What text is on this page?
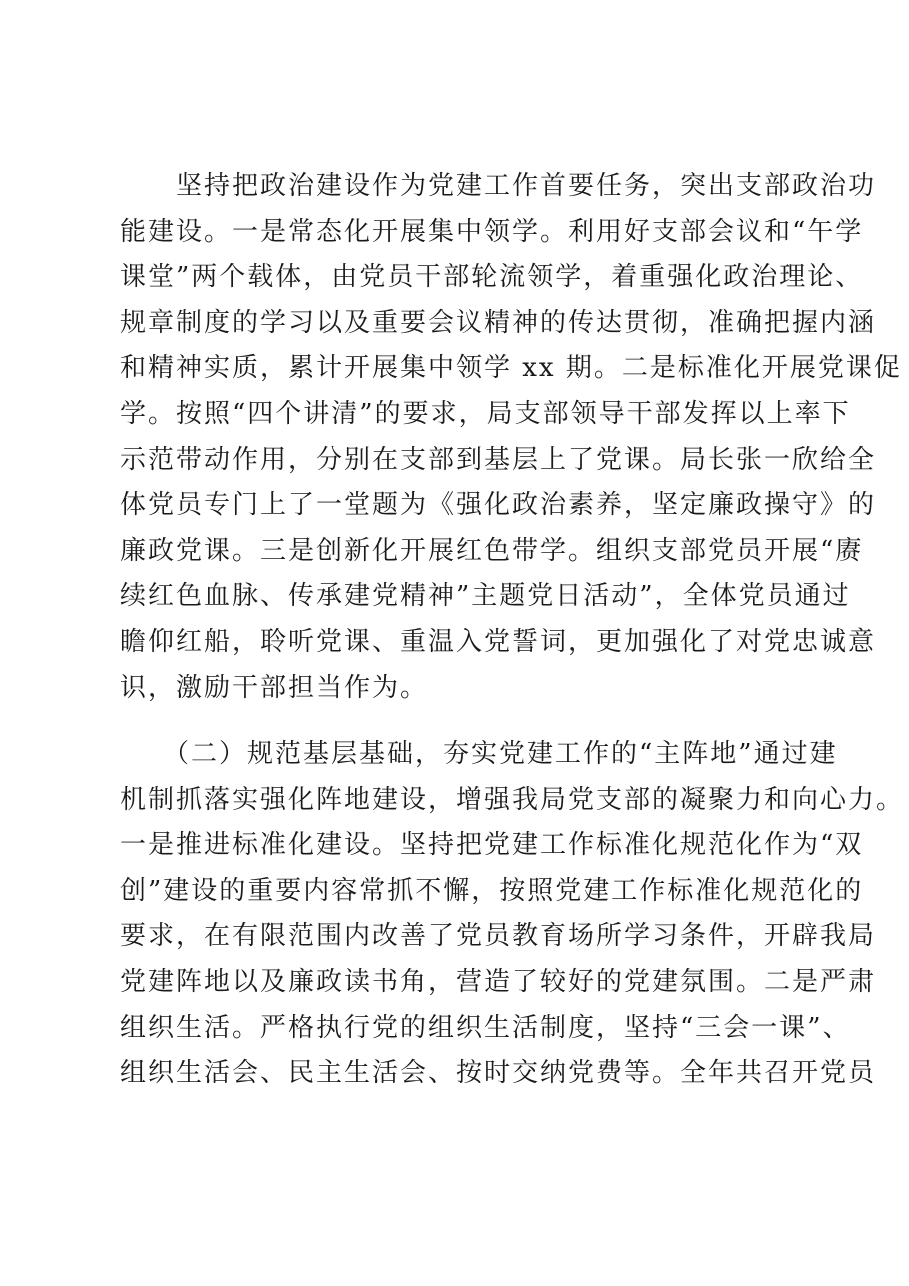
　　坚持把政治建设作为党建工作首要任务，突出支部政治功
能建设。一是常态化开展集中领学。利用好支部会议和“午学
课堂”两个载体，由党员干部轮流领学，着重强化政治理论、
规章制度的学习以及重要会议精神的传达贯彻，准确把握内涵
和精神实质，累计开展集中领学 xx 期。二是标准化开展党课促
学。按照“四个讲清”的要求，局支部领导干部发挥以上率下
示范带动作用，分别在支部到基层上了党课。局长张一欣给全
体党员专门上了一堂题为《强化政治素养，坚定廉政操守》的
廉政党课。三是创新化开展红色带学。组织支部党员开展“赓
续红色血脉、传承建党精神”主题党日活动”，全体党员通过
瞻仰红船，聆听党课、重温入党誓词，更加强化了对党忠诚意
识，激励干部担当作为。
　　（二）规范基层基础，夯实党建工作的“主阵地”通过建
机制抓落实强化阵地建设，增强我局党支部的凝聚力和向心力。
一是推进标准化建设。坚持把党建工作标准化规范化作为“双
创”建设的重要内容常抓不懈，按照党建工作标准化规范化的
要求，在有限范围内改善了党员教育场所学习条件，开辟我局
党建阵地以及廉政读书角，营造了较好的党建氛围。二是严肃
组织生活。严格执行党的组织生活制度，坚持“三会一课”、
组织生活会、民主生活会、按时交纳党费等。全年共召开党员
